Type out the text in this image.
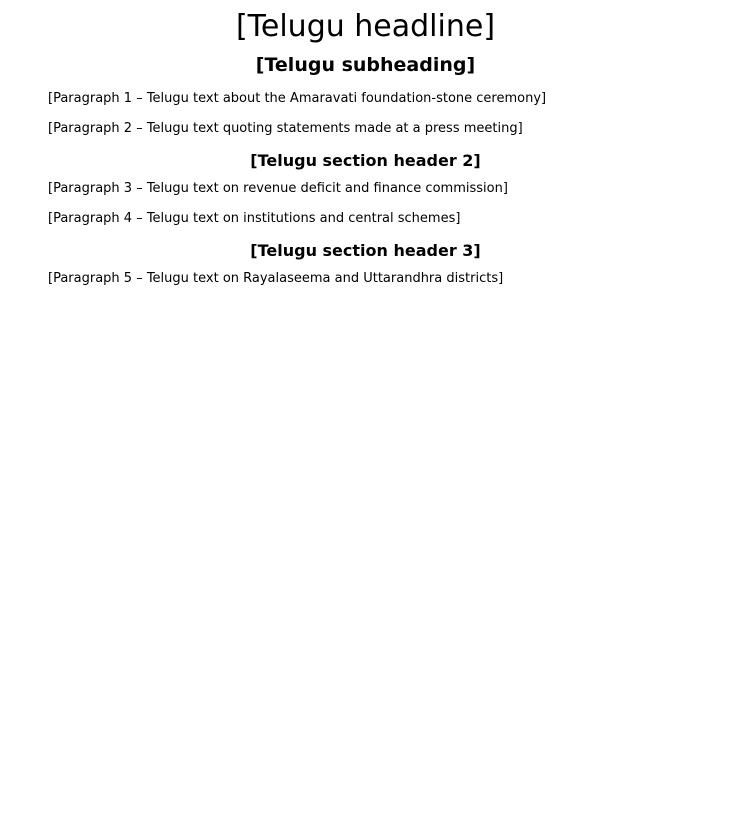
[Telugu headline]
[Telugu subheading]

[Paragraph 1 – Telugu text about the Amaravati foundation-stone ceremony]

[Paragraph 2 – Telugu text quoting statements made at a press meeting]

[Telugu section header 2]

[Paragraph 3 – Telugu text on revenue deficit and finance commission]

[Paragraph 4 – Telugu text on institutions and central schemes]

[Telugu section header 3]

[Paragraph 5 – Telugu text on Rayalaseema and Uttarandhra districts]
